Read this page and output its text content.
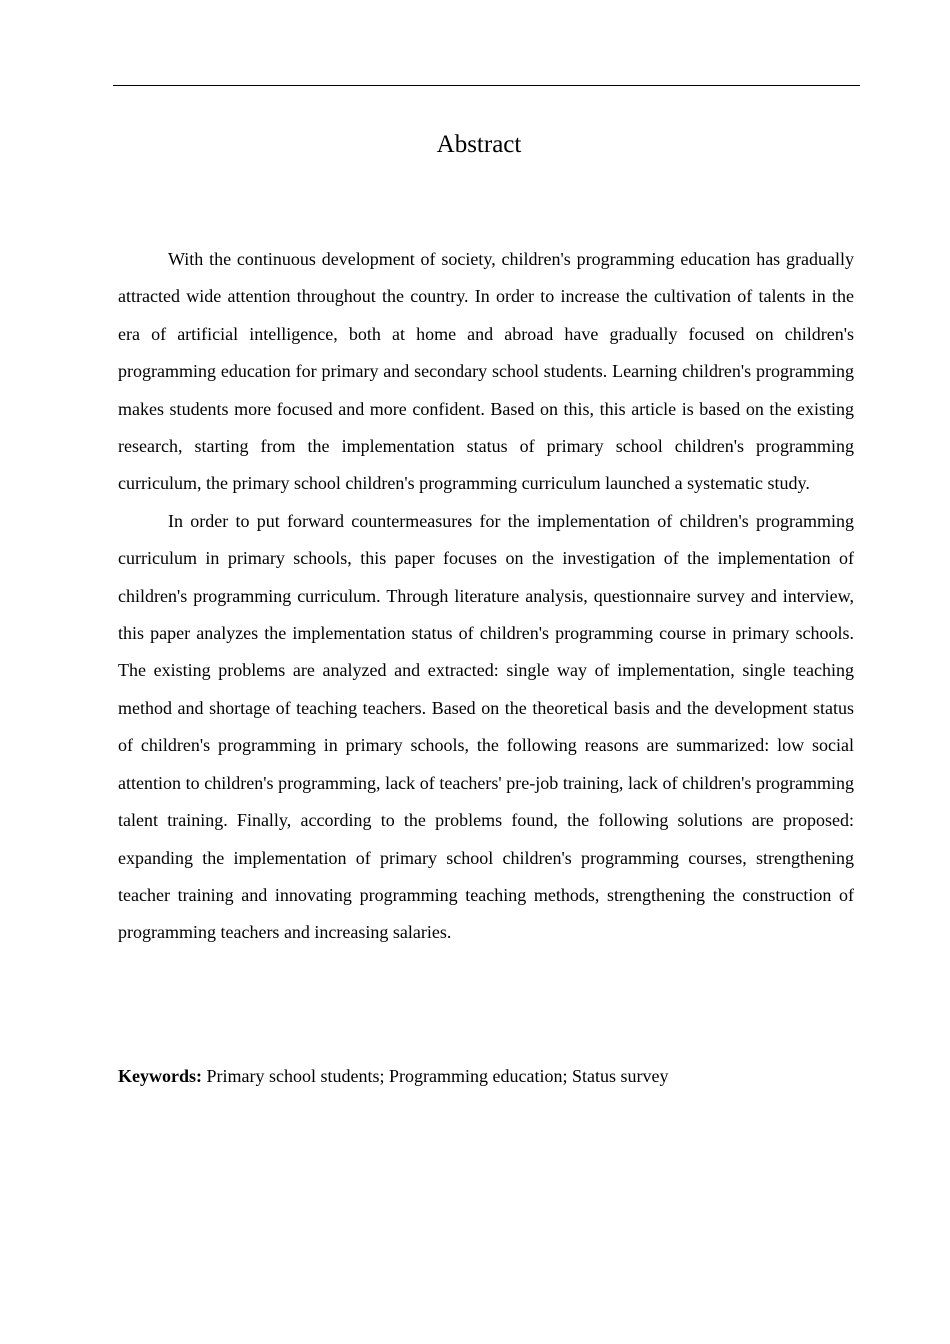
Abstract

With the continuous development of society, children's programming education has gradually attracted wide attention throughout the country. In order to increase the cultivation of talents in the era of artificial intelligence, both at home and abroad have gradually focused on children's programming education for primary and secondary school students. Learning children's programming makes students more focused and more confident. Based on this, this article is based on the existing research, starting from the implementation status of primary school children's programming curriculum, the primary school children's programming curriculum launched a systematic study.

In order to put forward countermeasures for the implementation of children's programming curriculum in primary schools, this paper focuses on the investigation of the implementation of children's programming curriculum. Through literature analysis, questionnaire survey and interview, this paper analyzes the implementation status of children's programming course in primary schools. The existing problems are analyzed and extracted: single way of implementation, single teaching method and shortage of teaching teachers. Based on the theoretical basis and the development status of children's programming in primary schools, the following reasons are summarized: low social attention to children's programming, lack of teachers' pre-job training, lack of children's programming talent training. Finally, according to the problems found, the following solutions are proposed: expanding the implementation of primary school children's programming courses, strengthening teacher training and innovating programming teaching methods, strengthening the construction of programming teachers and increasing salaries.

Keywords: Primary school students; Programming education; Status survey
